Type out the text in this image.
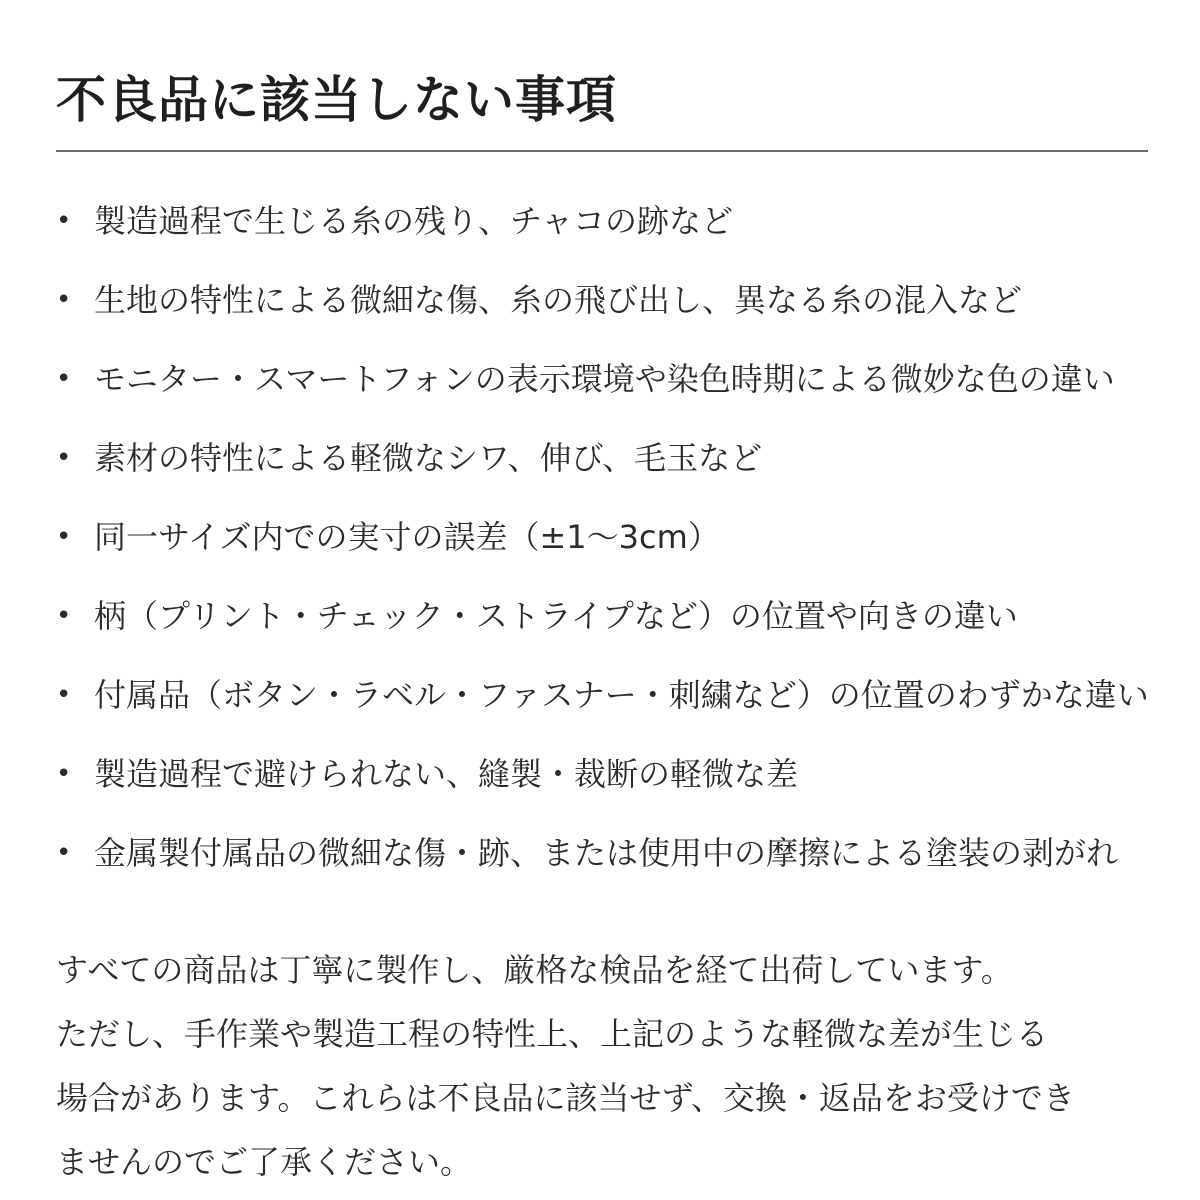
不良品に該当しない事項
• 製造過程で生じる糸の残り、チャコの跡など
• 生地の特性による微細な傷、糸の飛び出し、異なる糸の混入など
• モニター・スマートフォンの表示環境や染色時期による微妙な色の違い
• 素材の特性による軽微なシワ、伸び、毛玉など
• 同一サイズ内での実寸の誤差（±1～3cm）
• 柄（プリント・チェック・ストライプなど）の位置や向きの違い
• 付属品（ボタン・ラベル・ファスナー・刺繍など）の位置のわずかな違い
• 製造過程で避けられない、縫製・裁断の軽微な差
• 金属製付属品の微細な傷・跡、または使用中の摩擦による塗装の剥がれ
すべての商品は丁寧に製作し、厳格な検品を経て出荷しています。
ただし、手作業や製造工程の特性上、上記のような軽微な差が生じる
場合があります。これらは不良品に該当せず、交換・返品をお受けでき
ませんのでご了承ください。
